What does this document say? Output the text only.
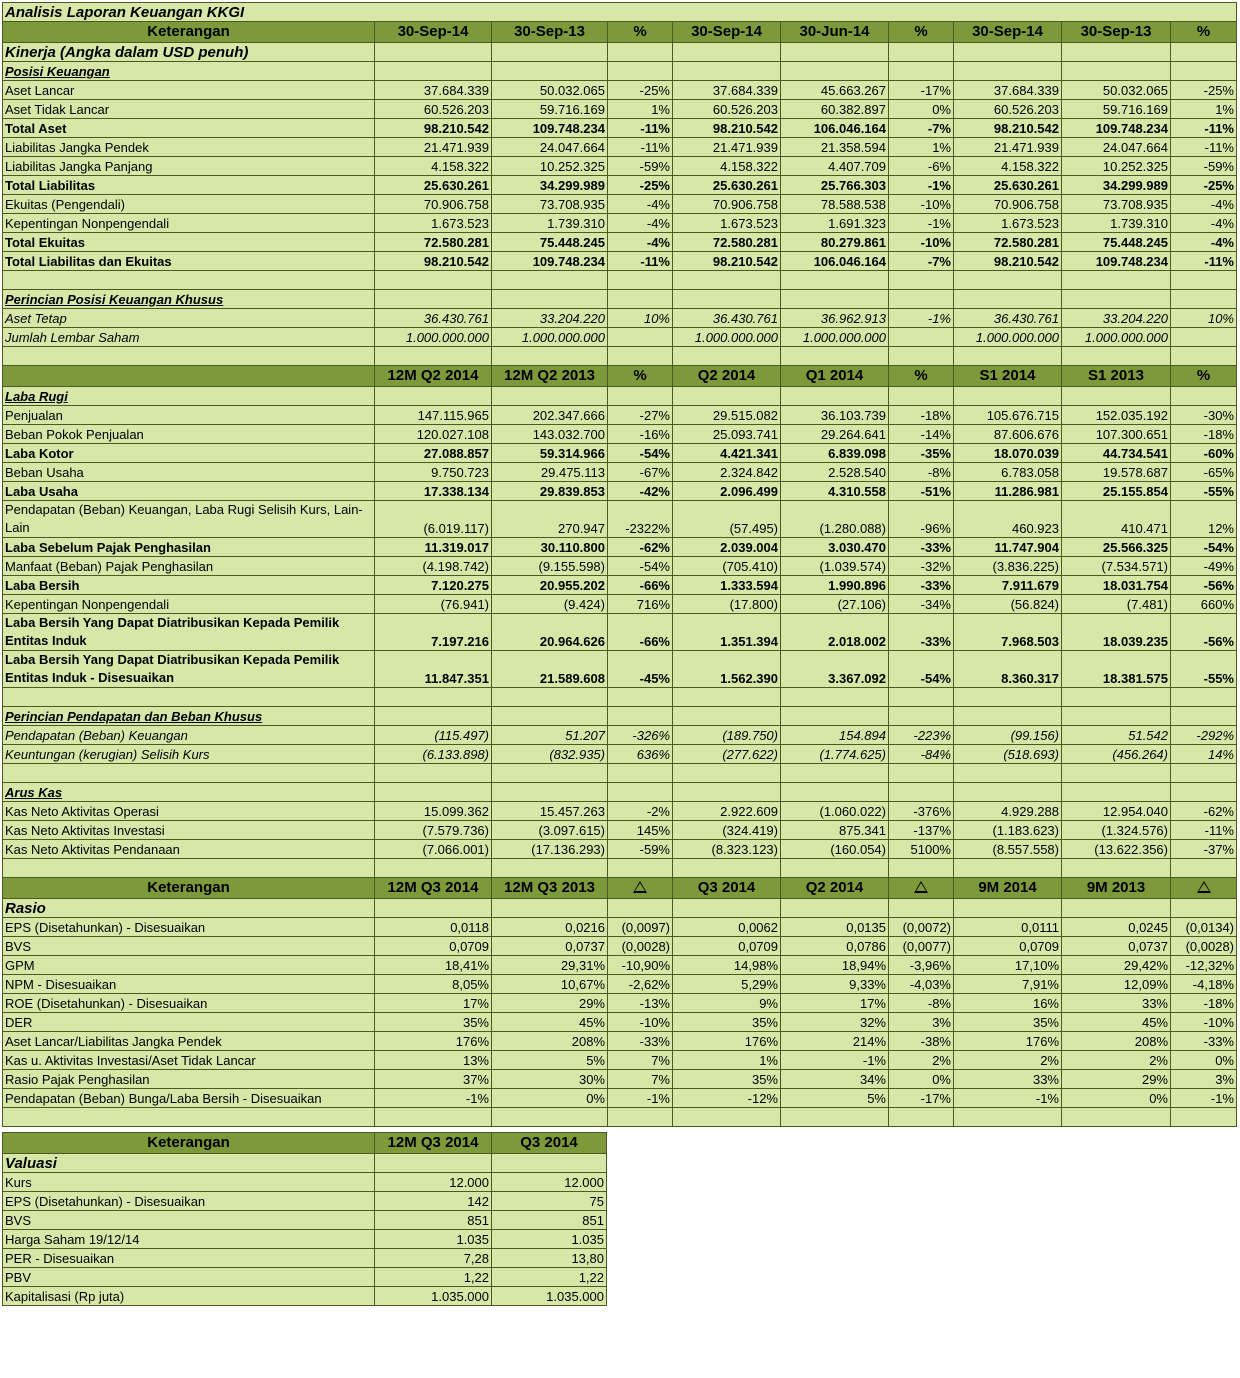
Analisis Laporan Keuangan KKGI									
Keterangan	30-Sep-14	30-Sep-13	%	30-Sep-14	30-Jun-14	%	30-Sep-14	30-Sep-13	%
Kinerja (Angka dalam USD penuh)									
Posisi Keuangan									
Aset Lancar	37.684.339	50.032.065	-25%	37.684.339	45.663.267	-17%	37.684.339	50.032.065	-25%
Aset Tidak Lancar	60.526.203	59.716.169	1%	60.526.203	60.382.897	0%	60.526.203	59.716.169	1%
Total Aset	98.210.542	109.748.234	-11%	98.210.542	106.046.164	-7%	98.210.542	109.748.234	-11%
Liabilitas Jangka Pendek	21.471.939	24.047.664	-11%	21.471.939	21.358.594	1%	21.471.939	24.047.664	-11%
Liabilitas Jangka Panjang	4.158.322	10.252.325	-59%	4.158.322	4.407.709	-6%	4.158.322	10.252.325	-59%
Total Liabilitas	25.630.261	34.299.989	-25%	25.630.261	25.766.303	-1%	25.630.261	34.299.989	-25%
Ekuitas (Pengendali)	70.906.758	73.708.935	-4%	70.906.758	78.588.538	-10%	70.906.758	73.708.935	-4%
Kepentingan Nonpengendali	1.673.523	1.739.310	-4%	1.673.523	1.691.323	-1%	1.673.523	1.739.310	-4%
Total Ekuitas	72.580.281	75.448.245	-4%	72.580.281	80.279.861	-10%	72.580.281	75.448.245	-4%
Total Liabilitas dan Ekuitas	98.210.542	109.748.234	-11%	98.210.542	106.046.164	-7%	98.210.542	109.748.234	-11%

Perincian Posisi Keuangan Khusus									
Aset Tetap	36.430.761	33.204.220	10%	36.430.761	36.962.913	-1%	36.430.761	33.204.220	10%
Jumlah Lembar Saham	1.000.000.000	1.000.000.000		1.000.000.000	1.000.000.000		1.000.000.000	1.000.000.000	

	12M Q2 2014	12M Q2 2013	%	Q2 2014	Q1 2014	%	S1 2014	S1 2013	%
Laba Rugi									
Penjualan	147.115.965	202.347.666	-27%	29.515.082	36.103.739	-18%	105.676.715	152.035.192	-30%
Beban Pokok Penjualan	120.027.108	143.032.700	-16%	25.093.741	29.264.641	-14%	87.606.676	107.300.651	-18%
Laba Kotor	27.088.857	59.314.966	-54%	4.421.341	6.839.098	-35%	18.070.039	44.734.541	-60%
Beban Usaha	9.750.723	29.475.113	-67%	2.324.842	2.528.540	-8%	6.783.058	19.578.687	-65%
Laba Usaha	17.338.134	29.839.853	-42%	2.096.499	4.310.558	-51%	11.286.981	25.155.854	-55%
Pendapatan (Beban) Keuangan, Laba Rugi Selisih Kurs, Lain-Lain	(6.019.117)	270.947	-2322%	(57.495)	(1.280.088)	-96%	460.923	410.471	12%
Laba Sebelum Pajak Penghasilan	11.319.017	30.110.800	-62%	2.039.004	3.030.470	-33%	11.747.904	25.566.325	-54%
Manfaat (Beban) Pajak Penghasilan	(4.198.742)	(9.155.598)	-54%	(705.410)	(1.039.574)	-32%	(3.836.225)	(7.534.571)	-49%
Laba Bersih	7.120.275	20.955.202	-66%	1.333.594	1.990.896	-33%	7.911.679	18.031.754	-56%
Kepentingan Nonpengendali	(76.941)	(9.424)	716%	(17.800)	(27.106)	-34%	(56.824)	(7.481)	660%
Laba Bersih Yang Dapat Diatribusikan Kepada Pemilik Entitas Induk	7.197.216	20.964.626	-66%	1.351.394	2.018.002	-33%	7.968.503	18.039.235	-56%
Laba Bersih Yang Dapat Diatribusikan Kepada Pemilik Entitas Induk - Disesuaikan	11.847.351	21.589.608	-45%	1.562.390	3.367.092	-54%	8.360.317	18.381.575	-55%

Perincian Pendapatan dan Beban Khusus									
Pendapatan (Beban) Keuangan	(115.497)	51.207	-326%	(189.750)	154.894	-223%	(99.156)	51.542	-292%
Keuntungan (kerugian) Selisih Kurs	(6.133.898)	(832.935)	636%	(277.622)	(1.774.625)	-84%	(518.693)	(456.264)	14%

Arus Kas									
Kas Neto Aktivitas Operasi	15.099.362	15.457.263	-2%	2.922.609	(1.060.022)	-376%	4.929.288	12.954.040	-62%
Kas Neto Aktivitas Investasi	(7.579.736)	(3.097.615)	145%	(324.419)	875.341	-137%	(1.183.623)	(1.324.576)	-11%
Kas Neto Aktivitas Pendanaan	(7.066.001)	(17.136.293)	-59%	(8.323.123)	(160.054)	5100%	(8.557.558)	(13.622.356)	-37%

Keterangan	12M Q3 2014	12M Q3 2013		Q3 2014	Q2 2014		9M 2014	9M 2013	
Rasio									
EPS (Disetahunkan) - Disesuaikan	0,0118	0,0216	(0,0097)	0,0062	0,0135	(0,0072)	0,0111	0,0245	(0,0134)
BVS	0,0709	0,0737	(0,0028)	0,0709	0,0786	(0,0077)	0,0709	0,0737	(0,0028)
GPM	18,41%	29,31%	-10,90%	14,98%	18,94%	-3,96%	17,10%	29,42%	-12,32%
NPM - Disesuaikan	8,05%	10,67%	-2,62%	5,29%	9,33%	-4,03%	7,91%	12,09%	-4,18%
ROE (Disetahunkan) - Disesuaikan	17%	29%	-13%	9%	17%	-8%	16%	33%	-18%
DER	35%	45%	-10%	35%	32%	3%	35%	45%	-10%
Aset Lancar/Liabilitas Jangka Pendek	176%	208%	-33%	176%	214%	-38%	176%	208%	-33%
Kas u. Aktivitas Investasi/Aset Tidak Lancar	13%	5%	7%	1%	-1%	2%	2%	2%	0%
Rasio Pajak Penghasilan	37%	30%	7%	35%	34%	0%	33%	29%	3%
Pendapatan (Beban) Bunga/Laba Bersih - Disesuaikan	-1%	0%	-1%	-12%	5%	-17%	-1%	0%	-1%

Keterangan	12M Q3 2014	Q3 2014
Valuasi		
Kurs	12.000	12.000
EPS (Disetahunkan) - Disesuaikan	142	75
BVS	851	851
Harga Saham 19/12/14	1.035	1.035
PER - Disesuaikan	7,28	13,80
PBV	1,22	1,22
Kapitalisasi (Rp juta)	1.035.000	1.035.000
